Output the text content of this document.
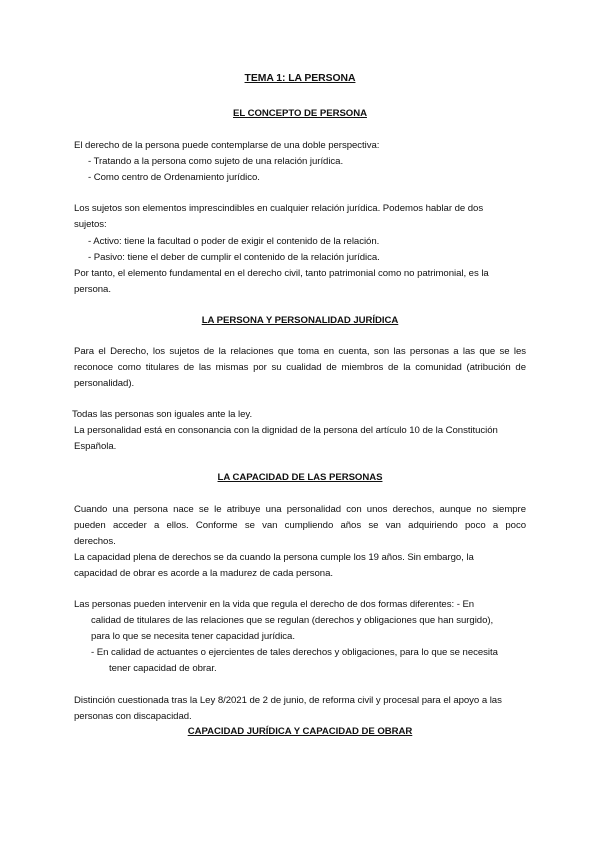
TEMA 1: LA PERSONA
EL CONCEPTO DE PERSONA
El derecho de la persona puede contemplarse de una doble perspectiva:
- Tratando a la persona como sujeto de una relación jurídica.
- Como centro de Ordenamiento jurídico.
Los sujetos son elementos imprescindibles en cualquier relación jurídica. Podemos hablar de dos
sujetos:
- Activo: tiene la facultad o poder de exigir el contenido de la relación.
- Pasivo: tiene el deber de cumplir el contenido de la relación jurídica.
Por tanto, el elemento fundamental en el derecho civil, tanto patrimonial como no patrimonial, es la
persona.
LA PERSONA Y PERSONALIDAD JURÍDICA
Para el Derecho, los sujetos de la relaciones que toma en cuenta, son las personas a las que se les
reconoce como titulares de las mismas por su cualidad de miembros de la comunidad (atribución de
personalidad).
Todas las personas son iguales ante la ley.
La personalidad está en consonancia con la dignidad de la persona del artículo 10 de la Constitución
Española.
LA CAPACIDAD DE LAS PERSONAS
Cuando una persona nace se le atribuye una personalidad con unos derechos, aunque no siempre
pueden acceder a ellos. Conforme se van cumpliendo años se van adquiriendo poco a poco
derechos.
La capacidad plena de derechos se da cuando la persona cumple los 19 años. Sin embargo, la
capacidad de obrar es acorde a la madurez de cada persona.
Las personas pueden intervenir en la vida que regula el derecho de dos formas diferentes: - En
calidad de titulares de las relaciones que se regulan (derechos y obligaciones que han surgido),
para lo que se necesita tener capacidad jurídica.
- En calidad de actuantes o ejercientes de tales derechos y obligaciones, para lo que se necesita
tener capacidad de obrar.
Distinción cuestionada tras la Ley 8/2021 de 2 de junio, de reforma civil y procesal para el apoyo a las
personas con discapacidad.
CAPACIDAD JURÍDICA Y CAPACIDAD DE OBRAR
